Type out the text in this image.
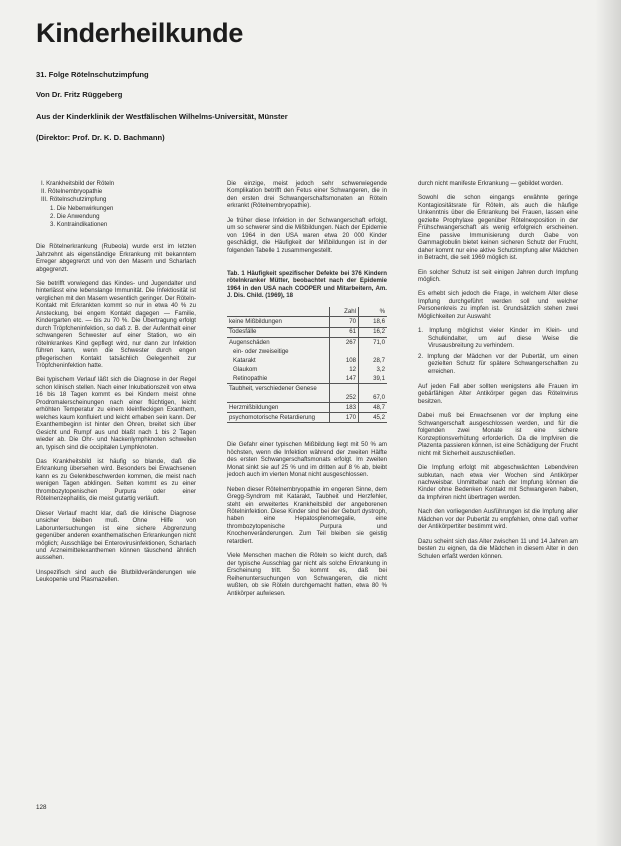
Kinderheilkunde
31. Folge Rötelnschutzimpfung
Von Dr. Fritz Rüggeberg
Aus der Kinderklinik der Westfälischen Wilhelms-Universität, Münster
(Direktor: Prof. Dr. K. D. Bachmann)
I. Krankheitsbild der Röteln
II. Rötelnembryopathie
III. Rötelnschutzimpfung
1. Die Nebenwirkungen
2. Die Anwendung
3. Kontraindikationen

Die Rötelnerkrankung (Rubeola) wurde erst im letzten Jahrzehnt als eigenständige Erkrankung mit bekanntem Erreger abgegrenzt und von den Masern und Scharlach abgegrenzt.

Sie betrifft vorwiegend das Kindes- und Jugendalter und hinterlässt eine lebenslange Immunität. Die Infektiosität ist verglichen mit den Masern wesentlich geringer. Der Röteln-Kontakt mit Erkrankten kommt so nur in etwa 40 % zu Ansteckung, bei engem Kontakt dagegen — Familie, Kindergarten etc. — bis zu 70 %. Die Übertragung erfolgt durch Tröpfcheninfektion, so daß z. B. der Aufenthalt einer schwangeren Schwester auf einer Station, wo ein rötelnkrankes Kind gepflegt wird, nur dann zur Infektion führen kann, wenn die Schwester durch engen pflegerischen Kontakt tatsächlich Gelegenheit zur Tröpfcheninfektion hatte.

Bei typischem Verlauf läßt sich die Diagnose in der Regel schon klinisch stellen. Nach einer Inkubationszeit von etwa 16 bis 18 Tagen kommt es bei Kindern meist ohne Prodromalerscheinungen nach einer flüchtigen, leicht erhöhten Temperatur zu einem kleinfleckigen Exanthem, welches kaum konfluiert und leicht erhaben sein kann. Der Exanthembeginn ist hinter den Ohren, breitet sich über Gesicht und Rumpf aus und blaßt nach 1 bis 2 Tagen wieder ab. Die Ohr- und Nackenlymphknoten schwellen an, typisch sind die occipitalen Lymphknoten.

Das Krankheitsbild ist häufig so blande, daß die Erkrankung übersehen wird. Besonders bei Erwachsenen kann es zu Gelenkbeschwerden kommen, die meist nach wenigen Tagen abklingen. Selten kommt es zu einer thrombozytopenischen Purpura oder einer Rötelnenzephalitis, die meist gutartig verläuft.

Dieser Verlauf macht klar, daß die klinische Diagnose unsicher bleiben muß. Ohne Hilfe von Laboruntersuchungen ist eine sichere Abgrenzung gegenüber anderen exanthematischen Erkrankungen nicht möglich; Ausschläge bei Enterovirusinfektionen, Scharlach und Arzneimittelexanthemen können täuschend ähnlich aussehen.

Unspezifisch sind auch die Blutbildveränderungen wie Leukopenie und Plasmazellen.

Die einzige, meist jedoch sehr schwerwiegende Komplikation betrifft den Fetus einer Schwangeren, die in den ersten drei Schwangerschaftsmonaten an Röteln erkrankt (Rötelnembryopathie).

Je früher diese Infektion in der Schwangerschaft erfolgt, um so schwerer sind die Mißbildungen. Nach der Epidemie von 1964 in den USA waren etwa 20 000 Kinder geschädigt, die Häufigkeit der Mißbildungen ist in der folgenden Tabelle 1 zusammengestellt.

Tab. 1 Häufigkeit spezifischer Defekte bei 376 Kindern rötelnkranker Mütter, beobachtet nach der Epidemie 1964 in den USA nach COOPER und Mitarbeitern, Am. J. Dis. Child. (1969), 18

	Zahl	%
keine Mißbildungen	70	18,6
Todesfälle	61	16,2
Augenschäden	267	71,0
ein- oder zweiseitige		
Katarakt	108	28,7
Glaukom	12	3,2
Retinopathie	147	39,1
Taubheit, verschiedener Genese		
	252	67,0
Herzmißbildungen	183	48,7
psychomotorische Retardierung	170	45,2

Die Gefahr einer typischen Mißbildung liegt mit 50 % am höchsten, wenn die Infektion während der zweiten Hälfte des ersten Schwangerschaftsmonats erfolgt. Im zweiten Monat sinkt sie auf 25 % und im dritten auf 8 % ab, bleibt jedoch auch im vierten Monat nicht ausgeschlossen.

Neben dieser Rötelnembryopathie im engeren Sinne, dem Gregg-Syndrom mit Katarakt, Taubheit und Herzfehler, steht ein erweitertes Krankheitsbild der angeborenen Rötelninfektion. Diese Kinder sind bei der Geburt dystroph, haben eine Hepatosplenomegalie, eine thrombozytopenische Purpura und Knochenveränderungen. Zum Teil bleiben sie geistig retardiert.

Viele Menschen machen die Röteln so leicht durch, daß der typische Ausschlag gar nicht als solche Erkrankung in Erscheinung tritt. So kommt es, daß bei Reihenuntersuchungen von Schwangeren, die nicht wußten, ob sie Röteln durchgemacht hatten, etwa 80 % Antikörper aufwiesen.

durch nicht manifeste Erkrankung — gebildet worden.

Sowohl die schon eingangs erwähnte geringe Kontagiositätsrate für Röteln, als auch die häufige Unkenntnis über die Erkrankung bei Frauen, lassen eine gezielte Prophylaxe gegenüber Rötelnexposition in der Frühschwangerschaft als wenig erfolgreich erscheinen. Eine passive Immunisierung durch Gabe von Gammaglobulin bietet keinen sicheren Schutz der Frucht, daher kommt nur eine aktive Schutzimpfung aller Mädchen in Betracht, die seit 1969 möglich ist.

Ein solcher Schutz ist seit einigen Jahren durch Impfung möglich.

Es erhebt sich jedoch die Frage, in welchem Alter diese Impfung durchgeführt werden soll und welcher Personenkreis zu impfen ist. Grundsätzlich stehen zwei Möglichkeiten zur Auswahl:

1. Impfung möglichst vieler Kinder im Klein- und Schulkindalter, um auf diese Weise die Virusausbreitung zu verhindern.

2. Impfung der Mädchen vor der Pubertät, um einen gezielten Schutz für spätere Schwangerschaften zu erreichen.

Auf jeden Fall aber sollten wenigstens alle Frauen im gebärfähigen Alter Antikörper gegen das Rötelnvirus besitzen.

Dabei muß bei Erwachsenen vor der Impfung eine Schwangerschaft ausgeschlossen werden, und für die folgenden zwei Monate ist eine sichere Konzeptionsverhütung erforderlich. Da die Impfviren die Plazenta passieren können, ist eine Schädigung der Frucht nicht mit Sicherheit auszuschließen.

Die Impfung erfolgt mit abgeschwächten Lebendviren subkutan, nach etwa vier Wochen sind Antikörper nachweisbar. Unmittelbar nach der Impfung können die Kinder ohne Bedenken Kontakt mit Schwangeren haben, da Impfviren nicht übertragen werden.

Nach den vorliegenden Ausführungen ist die Impfung aller Mädchen vor der Pubertät zu empfehlen, ohne daß vorher der Antikörpertiter bestimmt wird.

Dazu scheint sich das Alter zwischen 11 und 14 Jahren am besten zu eignen, da die Mädchen in diesem Alter in den Schulen erfaßt werden können.

128
